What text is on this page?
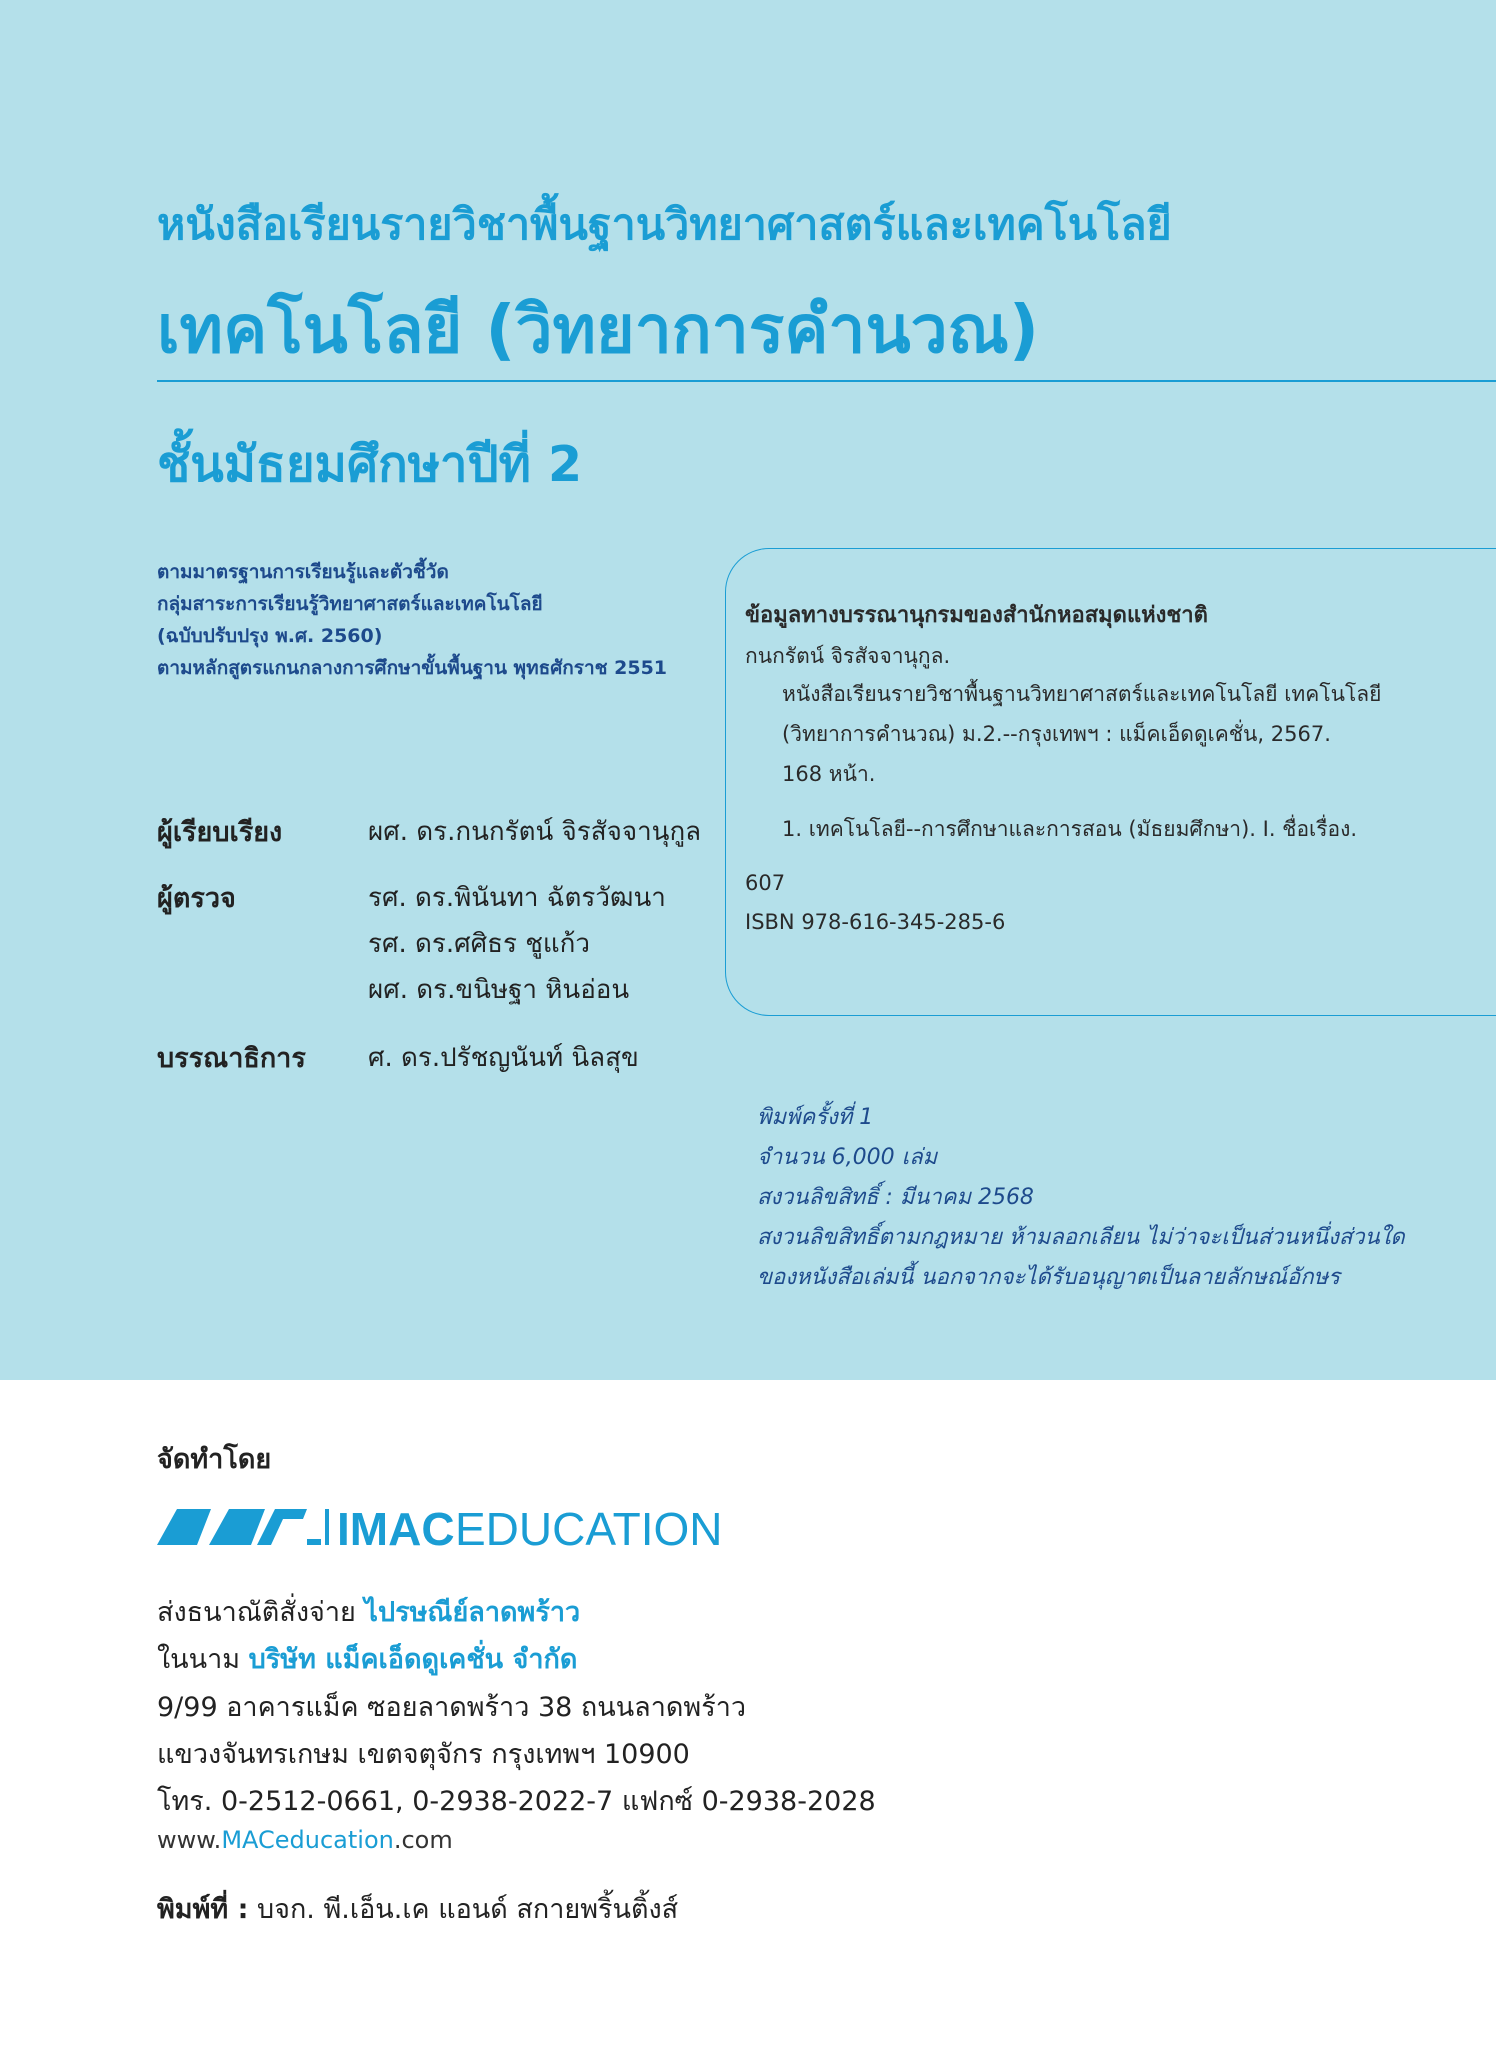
หนังสือเรียนรายวิชาพื้นฐานวิทยาศาสตร์และเทคโนโลยี
เทคโนโลยี (วิทยาการคำนวณ)
ชั้นมัธยมศึกษาปีที่ 2
ตามมาตรฐานการเรียนรู้และตัวชี้วัด
กลุ่มสาระการเรียนรู้วิทยาศาสตร์และเทคโนโลยี
(ฉบับปรับปรุง พ.ศ. 2560)
ตามหลักสูตรแกนกลางการศึกษาขั้นพื้นฐาน พุทธศักราช 2551
ผู้เรียบเรียง	ผศ. ดร.กนกรัตน์ จิรสัจจานุกูล
ผู้ตรวจ	รศ. ดร.พินันทา ฉัตรวัฒนา
รศ. ดร.ศศิธร ชูแก้ว
ผศ. ดร.ขนิษฐา หินอ่อน
บรรณาธิการ ศ. ดร.ปรัชญนันท์ นิลสุข
ข้อมูลทางบรรณานุกรมของสำนักหอสมุดแห่งชาติ
กนกรัตน์ จิรสัจจานุกูล.
หนังสือเรียนรายวิชาพื้นฐานวิทยาศาสตร์และเทคโนโลยี เทคโนโลยี
(วิทยาการคำนวณ) ม.2.--กรุงเทพฯ : แม็คเอ็ดดูเคชั่น, 2567.
168 หน้า.
1. เทคโนโลยี--การศึกษาและการสอน (มัธยมศึกษา). I. ชื่อเรื่อง.
607
ISBN 978-616-345-285-6
พิมพ์ครั้งที่ 1
จำนวน 6,000 เล่ม
สงวนลิขสิทธิ์ : มีนาคม 2568
สงวนลิขสิทธิ์ตามกฎหมาย ห้ามลอกเลียน ไม่ว่าจะเป็นส่วนหนึ่งส่วนใด
ของหนังสือเล่มนี้ นอกจากจะได้รับอนุญาตเป็นลายลักษณ์อักษร
จัดทำโดย
IMAC EDUCATION
ส่งธนาณัติสั่งจ่าย ไปรษณีย์ลาดพร้าว
ในนาม บริษัท แม็คเอ็ดดูเคชั่น จำกัด
9/99 อาคารแม็ค ซอยลาดพร้าว 38 ถนนลาดพร้าว
แขวงจันทรเกษม เขตจตุจักร กรุงเทพฯ 10900
โทร. 0-2512-0661, 0-2938-2022-7 แฟกซ์ 0-2938-2028
www.MACeducation.com
พิมพ์ที่ : บจก. พี.เอ็น.เค แอนด์ สกายพริ้นติ้งส์
